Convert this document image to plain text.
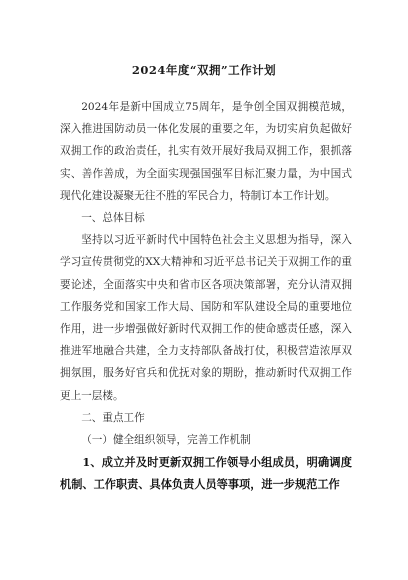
2024年度“双拥”工作计划

2024年是新中国成立75周年，是争创全国双拥模范城，深入推进国防动员一体化发展的重要之年，为切实肩负起做好双拥工作的政治责任，扎实有效开展好我局双拥工作，狠抓落实、善作善成，为全面实现强国强军目标汇聚力量，为中国式现代化建设凝聚无往不胜的军民合力，特制订本工作计划。

一、总体目标

坚持以习近平新时代中国特色社会主义思想为指导，深入学习宣传贯彻党的XX大精神和习近平总书记关于双拥工作的重要论述，全面落实中央和省市区各项决策部署，充分认清双拥工作服务党和国家工作大局、国防和军队建设全局的重要地位作用，进一步增强做好新时代双拥工作的使命感责任感，深入推进军地融合共建，全力支持部队备战打仗，积极营造浓厚双拥氛围，服务好官兵和优抚对象的期盼，推动新时代双拥工作更上一层楼。

二、重点工作

（一）健全组织领导，完善工作机制

1、成立并及时更新双拥工作领导小组成员，明确调度机制、工作职责、具体负责人员等事项，进一步规范工作
